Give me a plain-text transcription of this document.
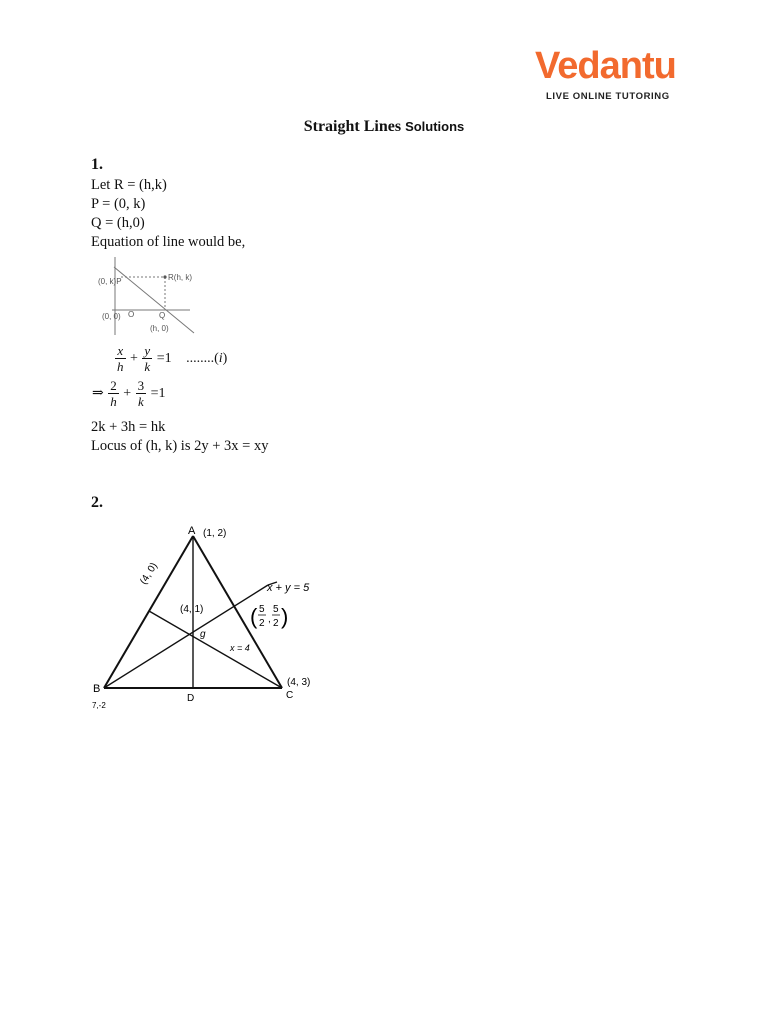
Vedantu
LIVE ONLINE TUTORING
Straight Lines Solutions
1.
Let R = (h,k)
P = (0, k)
Q = (h,0)
Equation of line would be,
(0, k)P	R(h, k)
(0, 0) O	Q
(h, 0)
$\frac{x}{h} + \frac{y}{k} =1$ ........(i)
⇒ $\frac{2}{h} + \frac{3}{k} =1$
2k + 3h = hk
Locus of (h, k) is 2y + 3x = xy
2.
A (1, 2)
B
7,-2
C
(4, 3)
D
(4, 0)
(4, 1)
g
x + y = 5
( 5
2 ,
5
2 )
x = 4
